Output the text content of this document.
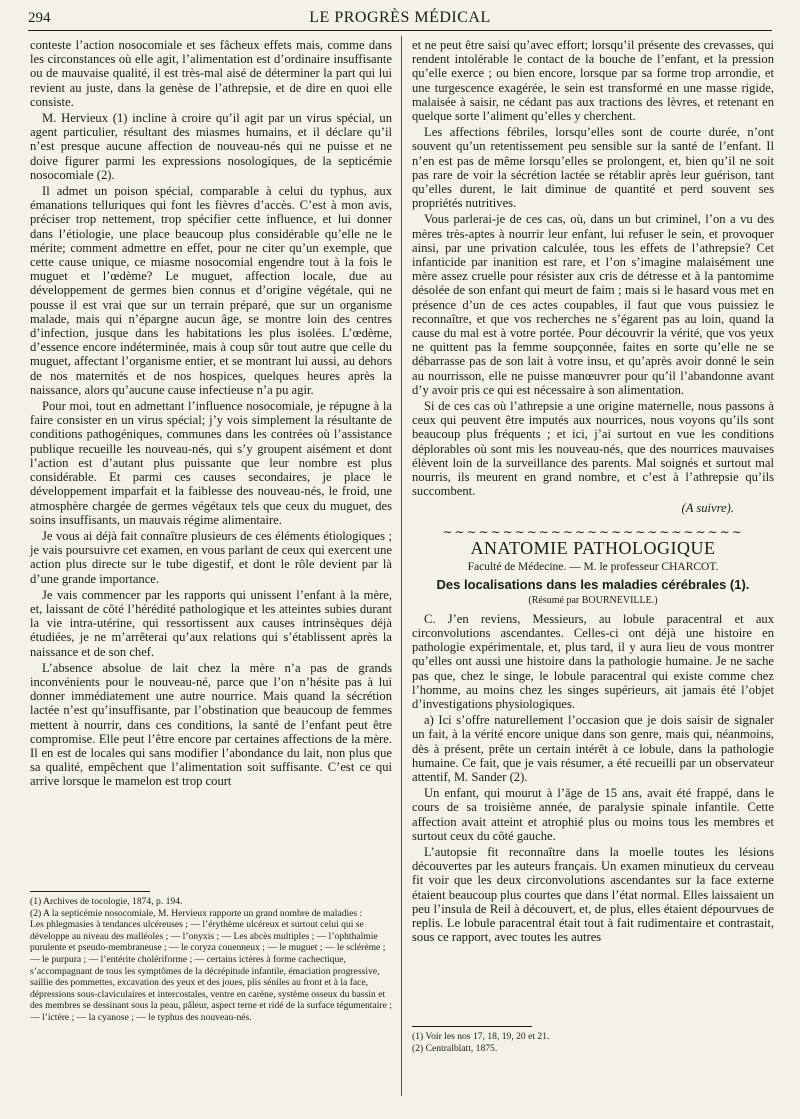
294	LE PROGRÈS MÉDICAL

conteste l’action nosocomiale et ses fâcheux effets mais, comme dans les circonstances où elle agit, l’alimentation est d’ordinaire insuffisante ou de mauvaise qualité, il est très-mal aisé de déterminer la part qui lui revient au juste, dans la genèse de l’athrepsie, et de dire en quoi elle consiste.

M. Hervieux (1) incline à croire qu’il agit par un virus spécial, un agent particulier, résultant des miasmes humains, et il déclare qu’il n’est presque aucune affection de nouveau-nés qui ne puisse et ne doive figurer parmi les expressions nosologiques, de la septicémie nosocomiale (2).

Il admet un poison spécial, comparable à celui du typhus, aux émanations telluriques qui font les fièvres d’accès. C’est à mon avis, préciser trop nettement, trop spécifier cette influence, et lui donner dans l’étiologie, une place beaucoup plus considérable qu’elle ne le mérite; comment admettre en effet, pour ne citer qu’un exemple, que cette cause unique, ce miasme nosocomial engendre tout à la fois le muguet et l’œdème? Le muguet, affection locale, due au développement de germes bien connus et d’origine végétale, qui ne pousse il est vrai que sur un terrain préparé, que sur un organisme malade, mais qui n’épargne aucun âge, se montre loin des centres d’infection, jusque dans les habitations les plus isolées. L’œdème, d’essence encore indéterminée, mais à coup sûr tout autre que celle du muguet, affectant l’organisme entier, et se montrant lui aussi, au dehors de nos maternités et de nos hospices, quelques heures après la naissance, alors qu’aucune cause infectieuse n’a pu agir.

Pour moi, tout en admettant l’influence nosocomiale, je répugne à la faire consister en un virus spécial; j’y vois simplement la résultante de conditions pathogéniques, communes dans les contrées où l’assistance publique recueille les nouveau-nés, qui s’y groupent aisément et dont l’action est d’autant plus puissante que leur nombre est plus considérable. Et parmi ces causes secondaires, je place le développement imparfait et la faiblesse des nouveau-nés, le froid, une atmosphère chargée de germes végétaux tels que ceux du muguet, des soins insuffisants, un mauvais régime alimentaire.

Je vous ai déjà fait connaître plusieurs de ces éléments étiologiques ; je vais poursuivre cet examen, en vous parlant de ceux qui exercent une action plus directe sur le tube digestif, et dont le rôle devient par là d’une grande importance.

Je vais commencer par les rapports qui unissent l’enfant à la mère, et, laissant de côté l’hérédité pathologique et les atteintes subies durant la vie intra-utérine, qui ressortissent aux causes intrinsèques déjà étudiées, je ne m’arrêterai qu’aux relations qui s’établissent après la naissance et de son chef.

L’absence absolue de lait chez la mère n’a pas de grands inconvénients pour le nouveau-né, parce que l’on n’hésite pas à lui donner immédiatement une autre nourrice. Mais quand la sécrétion lactée n’est qu’insuffisante, par l’obstination que beaucoup de femmes mettent à nourrir, dans ces conditions, la santé de l’enfant peut être compromise. Elle peut l’être encore par certaines affections de la mère. Il en est de locales qui sans modifier l’abondance du lait, non plus que sa qualité, empêchent que l’alimentation soit suffisante. C’est ce qui arrive lorsque le mamelon est trop court

(1) Archives de tocologie, 1874, p. 194.

(2) A la septicémie nosocomiale, M. Hervieux rapporte un grand nombre de maladies :

Les phlegmasies à tendances ulcéreuses ; — l’érythème ulcéreux et surtout celui qui se développe au niveau des malléoles ; — l’onyxis ; — Les abcès multiples ; — l’ophthalmie purulente et pseudo-membraneuse ; — le coryza couenneux ; — le muguet ; — le sclérème ; — le purpura ; — l’entérite cholériforme ; — certains ictères à forme cachectique, s’accompagnant de tous les symptômes de la décrépitude infantile, émaciation progressive, saillie des pommettes, excavation des yeux et des joues, plis séniles au front et à la face, dépressions sous-claviculaires et intercostales, ventre en carène, système osseux du bassin et des membres se dessinant sous la peau, pâleur, aspect terne et ridé de la surface tégumentaire ; — l’ictère ; — la cyanose ; — le typhus des nouveau-nés.

et ne peut être saisi qu’avec effort; lorsqu’il présente des crevasses, qui rendent intolérable le contact de la bouche de l’enfant, et la pression qu’elle exerce ; ou bien encore, lorsque par sa forme trop arrondie, et une turgescence exagérée, le sein est transformé en une masse rigide, malaisée à saisir, ne cédant pas aux tractions des lèvres, et retenant en quelque sorte l’aliment qu’elles y cherchent.

Les affections fébriles, lorsqu’elles sont de courte durée, n’ont souvent qu’un retentissement peu sensible sur la santé de l’enfant. Il n’en est pas de même lorsqu’elles se prolongent, et, bien qu’il ne soit pas rare de voir la sécrétion lactée se rétablir après leur guérison, tant qu’elles durent, le lait diminue de quantité et perd souvent ses propriétés nutritives.

Vous parlerai-je de ces cas, où, dans un but criminel, l’on a vu des mères très-aptes à nourrir leur enfant, lui refuser le sein, et provoquer ainsi, par une privation calculée, tous les effets de l’athrepsie? Cet infanticide par inanition est rare, et l’on s’imagine malaisément une mère assez cruelle pour résister aux cris de détresse et à la pantomime désolée de son enfant qui meurt de faim ; mais si le hasard vous met en présence d’un de ces actes coupables, il faut que vous puissiez le reconnaître, et que vos recherches ne s’égarent pas au loin, quand la cause du mal est à votre portée. Pour découvrir la vérité, que vos yeux ne quittent pas la femme soupçonnée, faites en sorte qu’elle ne se débarrasse pas de son lait à votre insu, et qu’après avoir donné le sein au nourrisson, elle ne puisse manœuvrer pour qu’il l’abandonne avant d’y avoir pris ce qui est nécessaire à son alimentation.

Si de ces cas où l’athrepsie a une origine maternelle, nous passons à ceux qui peuvent être imputés aux nourrices, nous voyons qu’ils sont beaucoup plus fréquents ; et ici, j’ai surtout en vue les conditions déplorables où sont mis les nouveau-nés, que des nourrices mauvaises élèvent loin de la surveillance des parents. Mal soignés et surtout mal nourris, ils meurent en grand nombre, et c’est à l’athrepsie qu’ils succombent.

(A suivre).

∼∼∼∼∼∼∼∼∼∼∼∼∼∼∼∼∼∼∼∼∼∼∼∼∼
ANATOMIE PATHOLOGIQUE
Faculté de Médecine. — M. le professeur CHARCOT.
Des localisations dans les maladies cérébrales (1).
(Résumé par BOURNEVILLE.)

C. J’en reviens, Messieurs, au lobule paracentral et aux circonvolutions ascendantes. Celles-ci ont déjà une histoire en pathologie expérimentale, et, plus tard, il y aura lieu de vous montrer qu’elles ont aussi une histoire dans la pathologie humaine. Je ne sache pas que, chez le singe, le lobule paracentral qui existe comme chez l’homme, au moins chez les singes supérieurs, ait jamais été l’objet d’investigations physiologiques.

a) Ici s’offre naturellement l’occasion que je dois saisir de signaler un fait, à la vérité encore unique dans son genre, mais qui, néanmoins, dès à présent, prête un certain intérêt à ce lobule, dans la pathologie humaine. Ce fait, que je vais résumer, a été recueilli par un observateur attentif, M. Sander (2).

Un enfant, qui mourut à l’âge de 15 ans, avait été frappé, dans le cours de sa troisième année, de paralysie spinale infantile. Cette affection avait atteint et atrophié plus ou moins tous les membres et surtout ceux du côté gauche.

L’autopsie fit reconnaître dans la moelle toutes les lésions découvertes par les auteurs français. Un examen minutieux du cerveau fit voir que les deux circonvolutions ascendantes sur la face externe étaient beaucoup plus courtes que dans l’état normal. Elles laissaient un peu l’insula de Reil à découvert, et, de plus, elles étaient dépourvues de replis. Le lobule paracentral était tout à fait rudimentaire et contrastait, sous ce rapport, avec toutes les autres

(1) Voir les nos 17, 18, 19, 20 et 21.

(2) Centralblatt, 1875.
